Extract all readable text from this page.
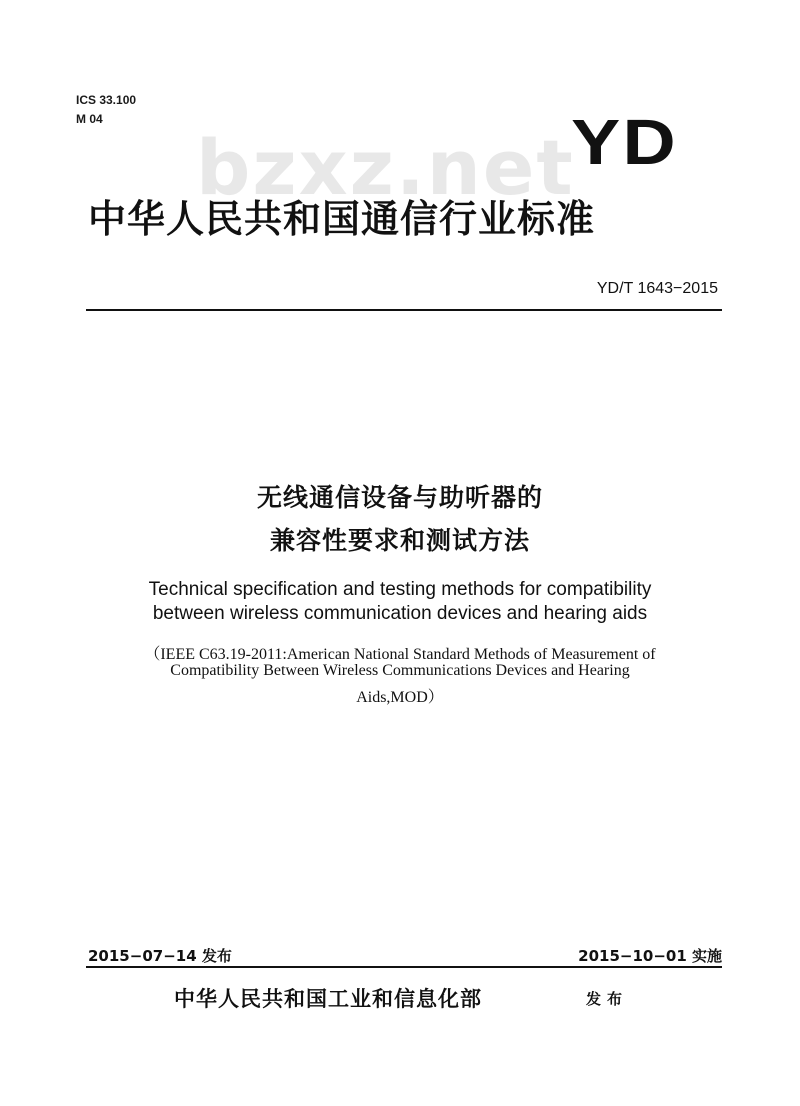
ICS 33.100
M 04	YD
bzxz.net
中华人民共和国通信行业标准
YD/T 1643−2015
无线通信设备与助听器的
兼容性要求和测试方法
Technical specification and testing methods for compatibility
between wireless communication devices and hearing aids
（IEEE C63.19-2011:American National Standard Methods of Measurement of
Compatibility Between Wireless Communications Devices and Hearing
Aids,MOD）
2015−07−14 发布	2015−10−01 实施
中华人民共和国工业和信息化部	发布
